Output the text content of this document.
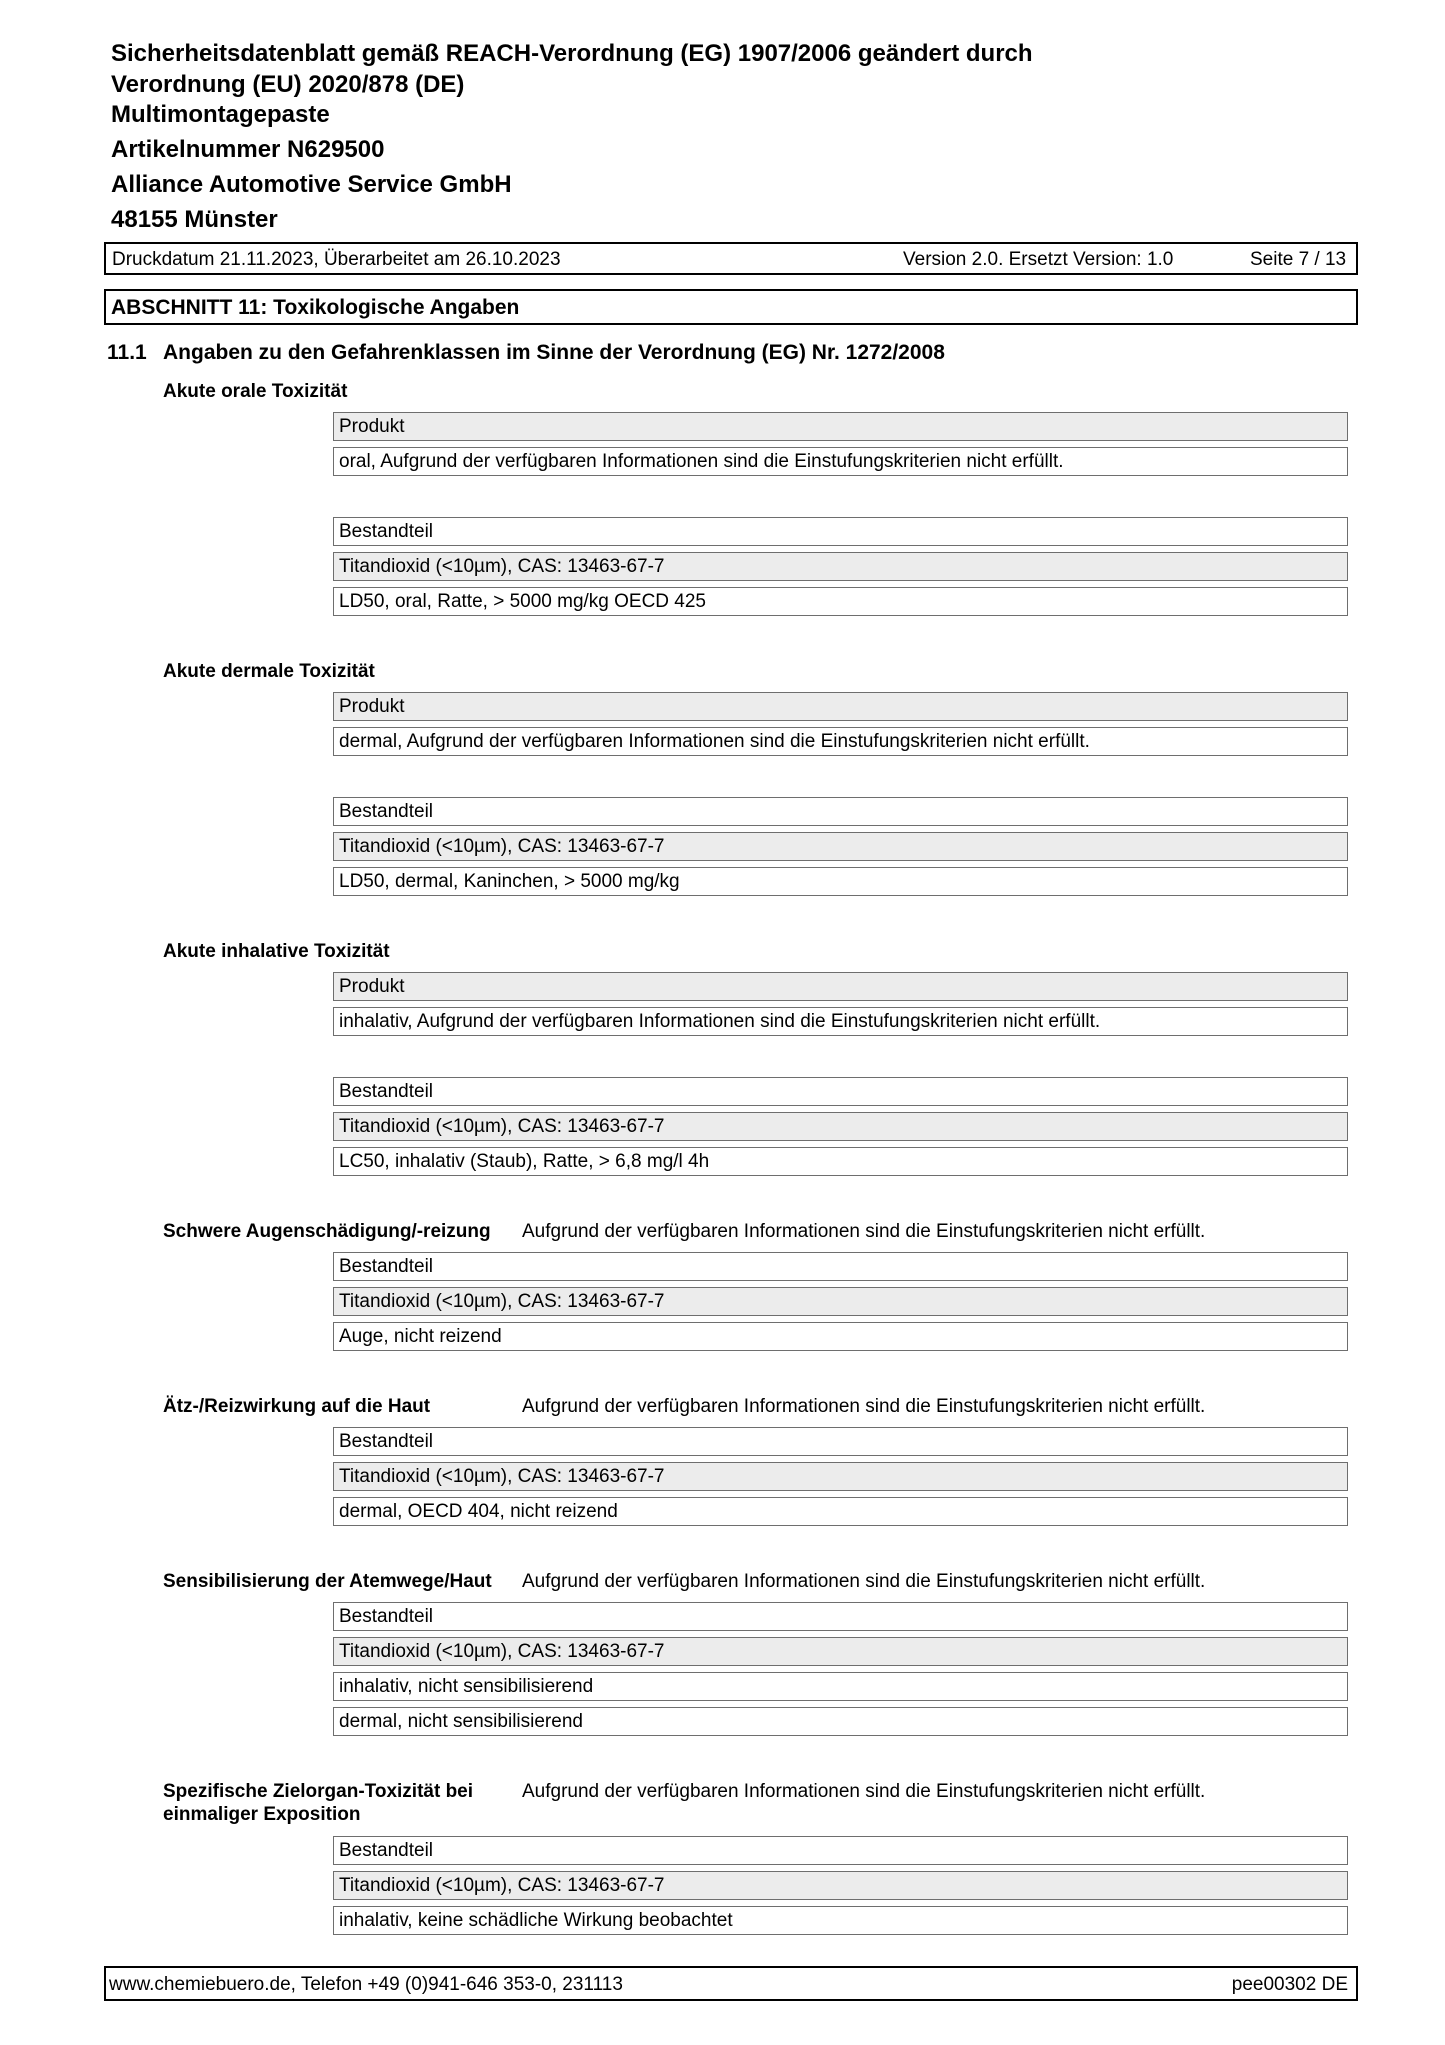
Sicherheitsdatenblatt gemäß REACH-Verordnung (EG) 1907/2006 geändert durch Verordnung (EU) 2020/878 (DE)
Multimontagepaste
Artikelnummer N629500
Alliance Automotive Service GmbH
48155 Münster
Druckdatum 21.11.2023, Überarbeitet am 26.10.2023	Version 2.0. Ersetzt Version: 1.0	Seite 7 / 13
ABSCHNITT 11: Toxikologische Angaben
11.1 Angaben zu den Gefahrenklassen im Sinne der Verordnung (EG) Nr. 1272/2008
Akute orale Toxizität
Produkt
oral, Aufgrund der verfügbaren Informationen sind die Einstufungskriterien nicht erfüllt.
Bestandteil
Titandioxid (<10µm), CAS: 13463-67-7
LD50, oral, Ratte, > 5000 mg/kg OECD 425
Akute dermale Toxizität
Produkt
dermal, Aufgrund der verfügbaren Informationen sind die Einstufungskriterien nicht erfüllt.
Bestandteil
Titandioxid (<10µm), CAS: 13463-67-7
LD50, dermal, Kaninchen, > 5000 mg/kg
Akute inhalative Toxizität
Produkt
inhalativ, Aufgrund der verfügbaren Informationen sind die Einstufungskriterien nicht erfüllt.
Bestandteil
Titandioxid (<10µm), CAS: 13463-67-7
LC50, inhalativ (Staub), Ratte, > 6,8 mg/l 4h
Schwere Augenschädigung/-reizung Aufgrund der verfügbaren Informationen sind die Einstufungskriterien nicht erfüllt.
Bestandteil
Titandioxid (<10µm), CAS: 13463-67-7
Auge, nicht reizend
Ätz-/Reizwirkung auf die Haut	Aufgrund der verfügbaren Informationen sind die Einstufungskriterien nicht erfüllt.
Bestandteil
Titandioxid (<10µm), CAS: 13463-67-7
dermal, OECD 404, nicht reizend
Sensibilisierung der Atemwege/Haut Aufgrund der verfügbaren Informationen sind die Einstufungskriterien nicht erfüllt.
Bestandteil
Titandioxid (<10µm), CAS: 13463-67-7
inhalativ, nicht sensibilisierend
dermal, nicht sensibilisierend
Spezifische Zielorgan-Toxizität bei
einmaliger Exposition
Aufgrund der verfügbaren Informationen sind die Einstufungskriterien nicht erfüllt.
Bestandteil
Titandioxid (<10µm), CAS: 13463-67-7
inhalativ, keine schädliche Wirkung beobachtet
www.chemiebuero.de, Telefon +49 (0)941-646 353-0, 231113	pee00302 DE
